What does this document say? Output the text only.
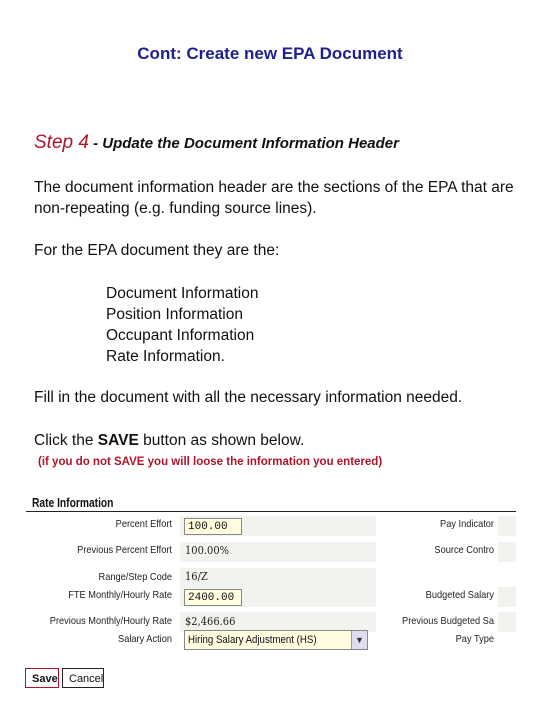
Cont: Create new EPA Document
Step 4 - Update the Document Information Header
The document information header are the sections of the EPA that are non-repeating (e.g. funding source lines).
For the EPA document they are the:
Document Information
Position Information
Occupant Information
Rate Information.
Fill in the document with all the necessary information needed.
Click the SAVE button as shown below.
(if you do not SAVE you will loose the information you entered)
Rate Information
Percent Effort
Previous Percent Effort
Range/Step Code
FTE Monthly/Hourly Rate
Previous Monthly/Hourly Rate
Salary Action
100.00
100.00%
16/Z
2400.00
$2,466.66
Hiring Salary Adjustment (HS)	▼
Pay Indicator
Source Contro
Budgeted Salary
Previous Budgeted Sa
Pay Type
Save	Cancel
